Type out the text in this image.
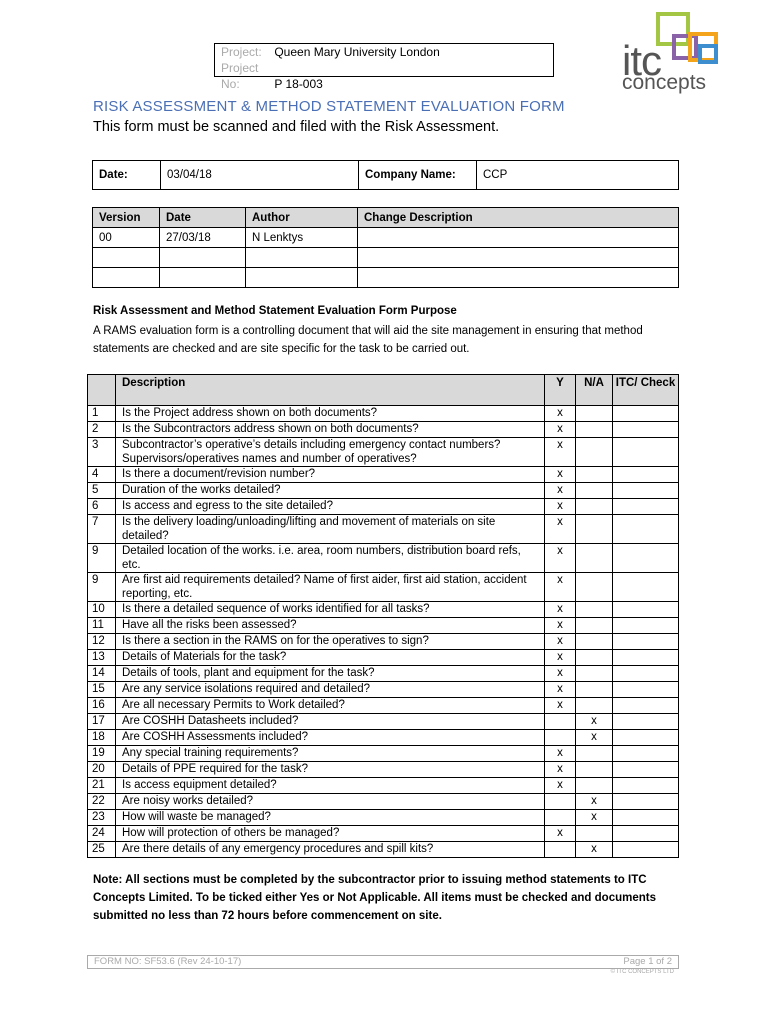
Project: Queen Mary University London
Project No:	P 18-003	itc
concepts
RISK ASSESSMENT & METHOD STATEMENT EVALUATION FORM
This form must be scanned and filed with the Risk Assessment.
Date:	03/04/18	Company Name:	CCP
Version	Date	Author	Change Description
00	27/03/18	N Lenktys	

Risk Assessment and Method Statement Evaluation Form Purpose
A RAMS evaluation form is a controlling document that will aid the site management in ensuring that method statements are checked and are site specific for the task to be carried out.
	Description	Y	N/A	ITC/ Check
1	Is the Project address shown on both documents?	x		
2	Is the Subcontractors address shown on both documents?	x		
3	Subcontractor’s operative’s details including emergency contact numbers? Supervisors/operatives names and number of operatives?	x		
4	Is there a document/revision number?	x		
5	Duration of the works detailed?	x		
6	Is access and egress to the site detailed?	x		
7	Is the delivery loading/unloading/lifting and movement of materials on site detailed?	x		
9	Detailed location of the works. i.e. area, room numbers, distribution board refs, etc.	x		
9	Are first aid requirements detailed? Name of first aider, first aid station, accident reporting, etc.	x		
10	Is there a detailed sequence of works identified for all tasks?	x		
11	Have all the risks been assessed?	x		
12	Is there a section in the RAMS on for the operatives to sign?	x		
13	Details of Materials for the task?	x		
14	Details of tools, plant and equipment for the task?	x		
15	Are any service isolations required and detailed?	x		
16	Are all necessary Permits to Work detailed?	x		
17	Are COSHH Datasheets included?		x	
18	Are COSHH Assessments included?		x	
19	Any special training requirements?	x		
20	Details of PPE required for the task?	x		
21	Is access equipment detailed?	x		
22	Are noisy works detailed?		x	
23	How will waste be managed?		x	
24	How will protection of others be managed?	x		
25	Are there details of any emergency procedures and spill kits?		x	
Note: All sections must be completed by the subcontractor prior to issuing method statements to ITC Concepts Limited. To be ticked either Yes or Not Applicable. All items must be checked and documents submitted no less than 72 hours before commencement on site.
FORM NO: SF53.6 (Rev 24-10-17)	Page 1 of 2
© ITC CONCEPTS LTD
